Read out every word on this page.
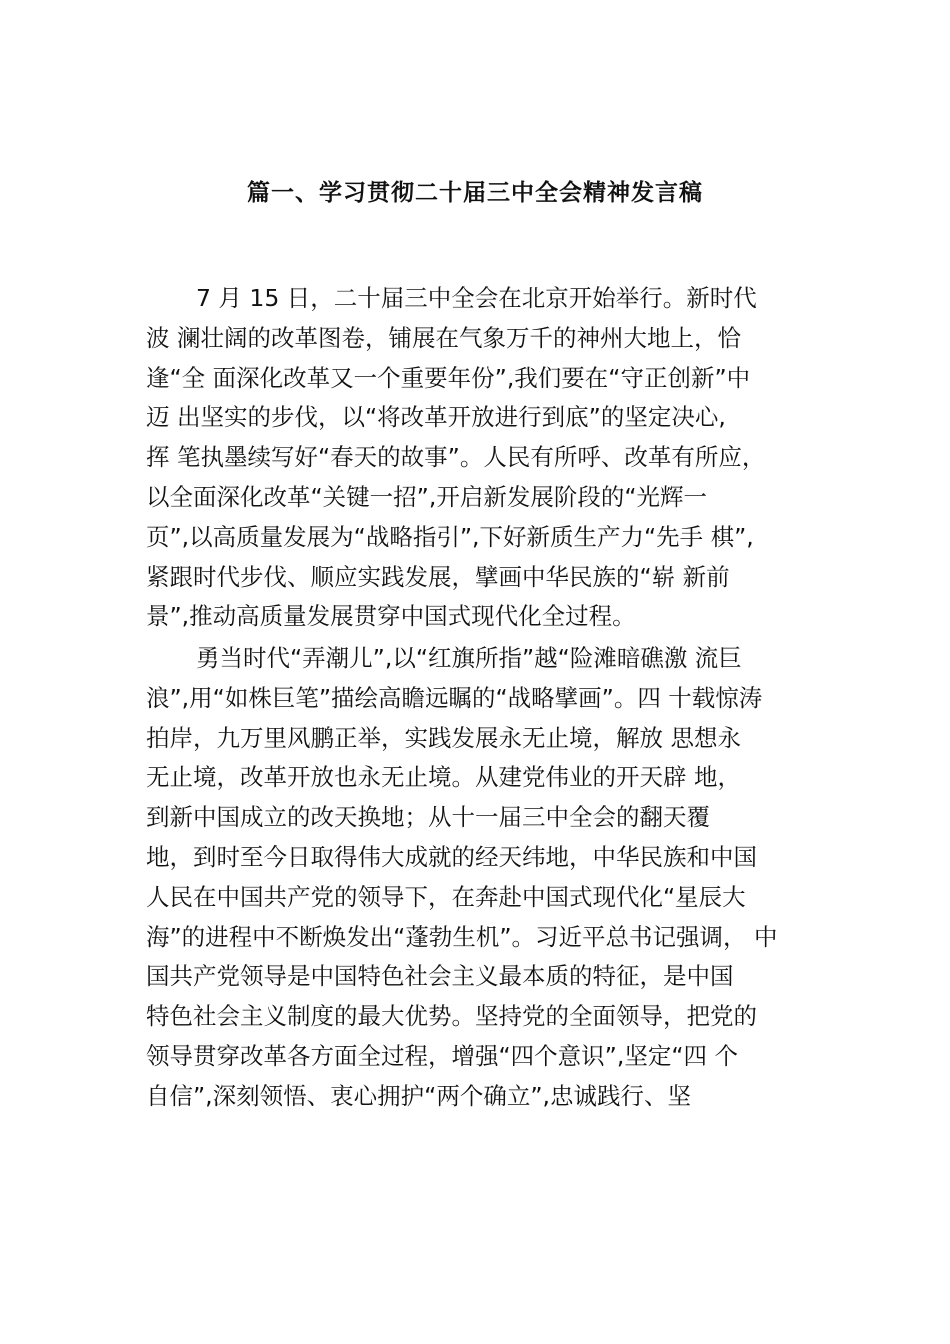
篇一、学习贯彻二十届三中全会精神发言稿
7 月 15 日，二十届三中全会在北京开始举行。新时代
波 澜壮阔的改革图卷，铺展在气象万千的神州大地上，恰
逢“全 面深化改革又一个重要年份”,我们要在“守正创新”中
迈 出坚实的步伐，以“将改革开放进行到底”的坚定决心,
挥 笔执墨续写好“春天的故事”。人民有所呼、改革有所应，
以全面深化改革“关键一招”,开启新发展阶段的“光辉一
页”,以高质量发展为“战略指引”,下好新质生产力“先手 棋”,
紧跟时代步伐、顺应实践发展，擘画中华民族的“崭 新前
景”,推动高质量发展贯穿中国式现代化全过程。
勇当时代“弄潮儿”,以“红旗所指”越“险滩暗礁激 流巨
浪”,用“如株巨笔”描绘高瞻远瞩的“战略擘画”。四 十载惊涛
拍岸，九万里风鹏正举，实践发展永无止境，解放 思想永
无止境，改革开放也永无止境。从建党伟业的开天辟 地，
到新中国成立的改天换地；从十一届三中全会的翻天覆
地，到时至今日取得伟大成就的经天纬地，中华民族和中国
人民在中国共产党的领导下，在奔赴中国式现代化“星辰大
海”的进程中不断焕发出“蓬勃生机”。习近平总书记强调， 中
国共产党领导是中国特色社会主义最本质的特征，是中国
特色社会主义制度的最大优势。坚持党的全面领导，把党的
领导贯穿改革各方面全过程，增强“四个意识”,坚定“四 个
自信”,深刻领悟、衷心拥护“两个确立”,忠诚践行、坚
